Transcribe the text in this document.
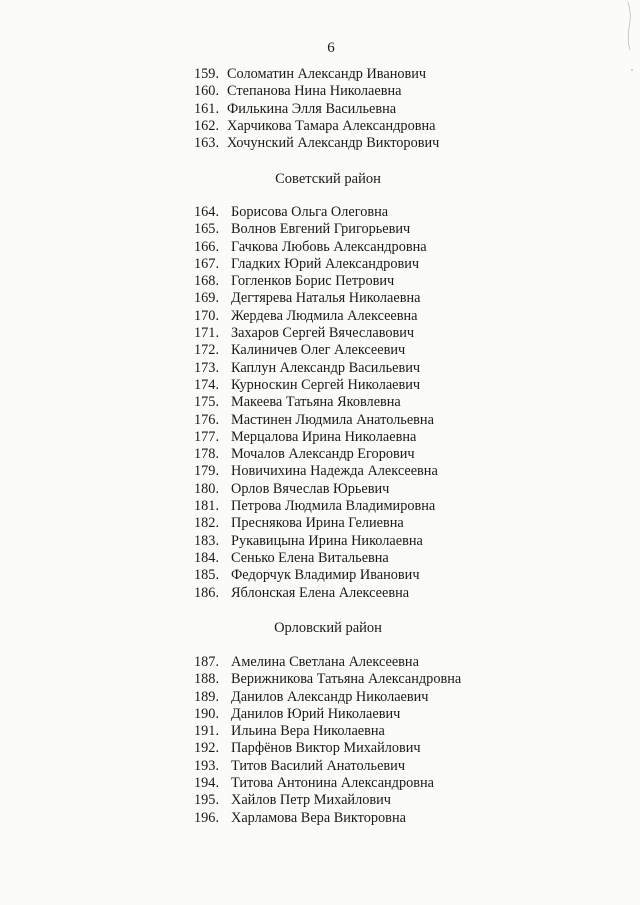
6
159. Соломатин Александр Иванович
160. Степанова Нина Николаевна
161. Филькина Элля Васильевна
162. Харчикова Тамара Александровна
163. Хочунский Александр Викторович
Советский район
164. Борисова Ольга Олеговна
165. Волнов Евгений Григорьевич
166. Гачкова Любовь Александровна
167. Гладких Юрий Александрович
168. Гогленков Борис Петрович
169. Дегтярева Наталья Николаевна
170. Жердева Людмила Алексеевна
171. Захаров Сергей Вячеславович
172. Калиничев Олег Алексеевич
173. Каплун Александр Васильевич
174. Курноскин Сергей Николаевич
175. Макеева Татьяна Яковлевна
176. Мастинен Людмила Анатольевна
177. Мерцалова Ирина Николаевна
178. Мочалов Александр Егорович
179. Новичихина Надежда Алексеевна
180. Орлов Вячеслав Юрьевич
181. Петрова Людмила Владимировна
182. Преснякова Ирина Гелиевна
183. Рукавицына Ирина Николаевна
184. Сенько Елена Витальевна
185. Федорчук Владимир Иванович
186. Яблонская Елена Алексеевна
Орловский район
187. Амелина Светлана Алексеевна
188. Верижникова Татьяна Александровна
189. Данилов Александр Николаевич
190. Данилов Юрий Николаевич
191. Ильина Вера Николаевна
192. Парфёнов Виктор Михайлович
193. Титов Василий Анатольевич
194. Титова Антонина Александровна
195. Хайлов Петр Михайлович
196. Харламова Вера Викторовна
